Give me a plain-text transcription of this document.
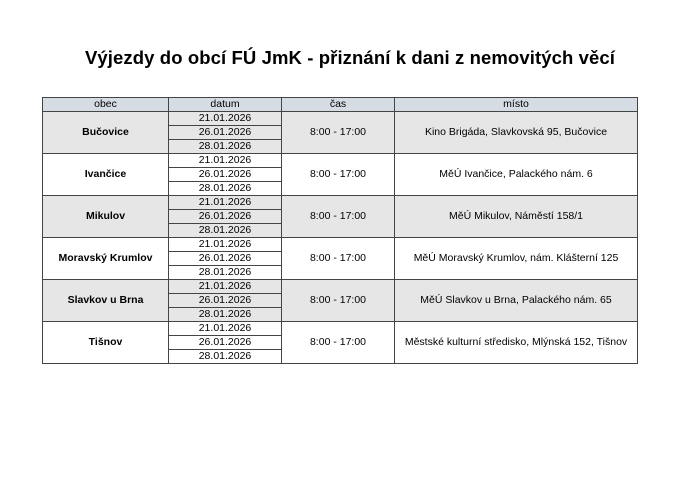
Výjezdy do obcí FÚ JmK - přiznání k dani z nemovitých věcí
obec	datum	čas	místo
Bučovice	21.01.2026	8:00 - 17:00	Kino Brigáda, Slavkovská 95, Bučovice
	26.01.2026		
	28.01.2026		
Ivančice	21.01.2026	8:00 - 17:00	MěÚ Ivančice, Palackého nám. 6
	26.01.2026		
	28.01.2026		
Mikulov	21.01.2026	8:00 - 17:00	MěÚ Mikulov, Náměstí 158/1
	26.01.2026		
	28.01.2026		
Moravský Krumlov	21.01.2026	8:00 - 17:00	MěÚ Moravský Krumlov, nám. Klášterní 125
	26.01.2026		
	28.01.2026		
Slavkov u Brna	21.01.2026	8:00 - 17:00	MěÚ Slavkov u Brna, Palackého nám. 65
	26.01.2026		
	28.01.2026		
Tišnov	21.01.2026	8:00 - 17:00	Městské kulturní středisko, Mlýnská 152, Tišnov
	26.01.2026		
	28.01.2026		
